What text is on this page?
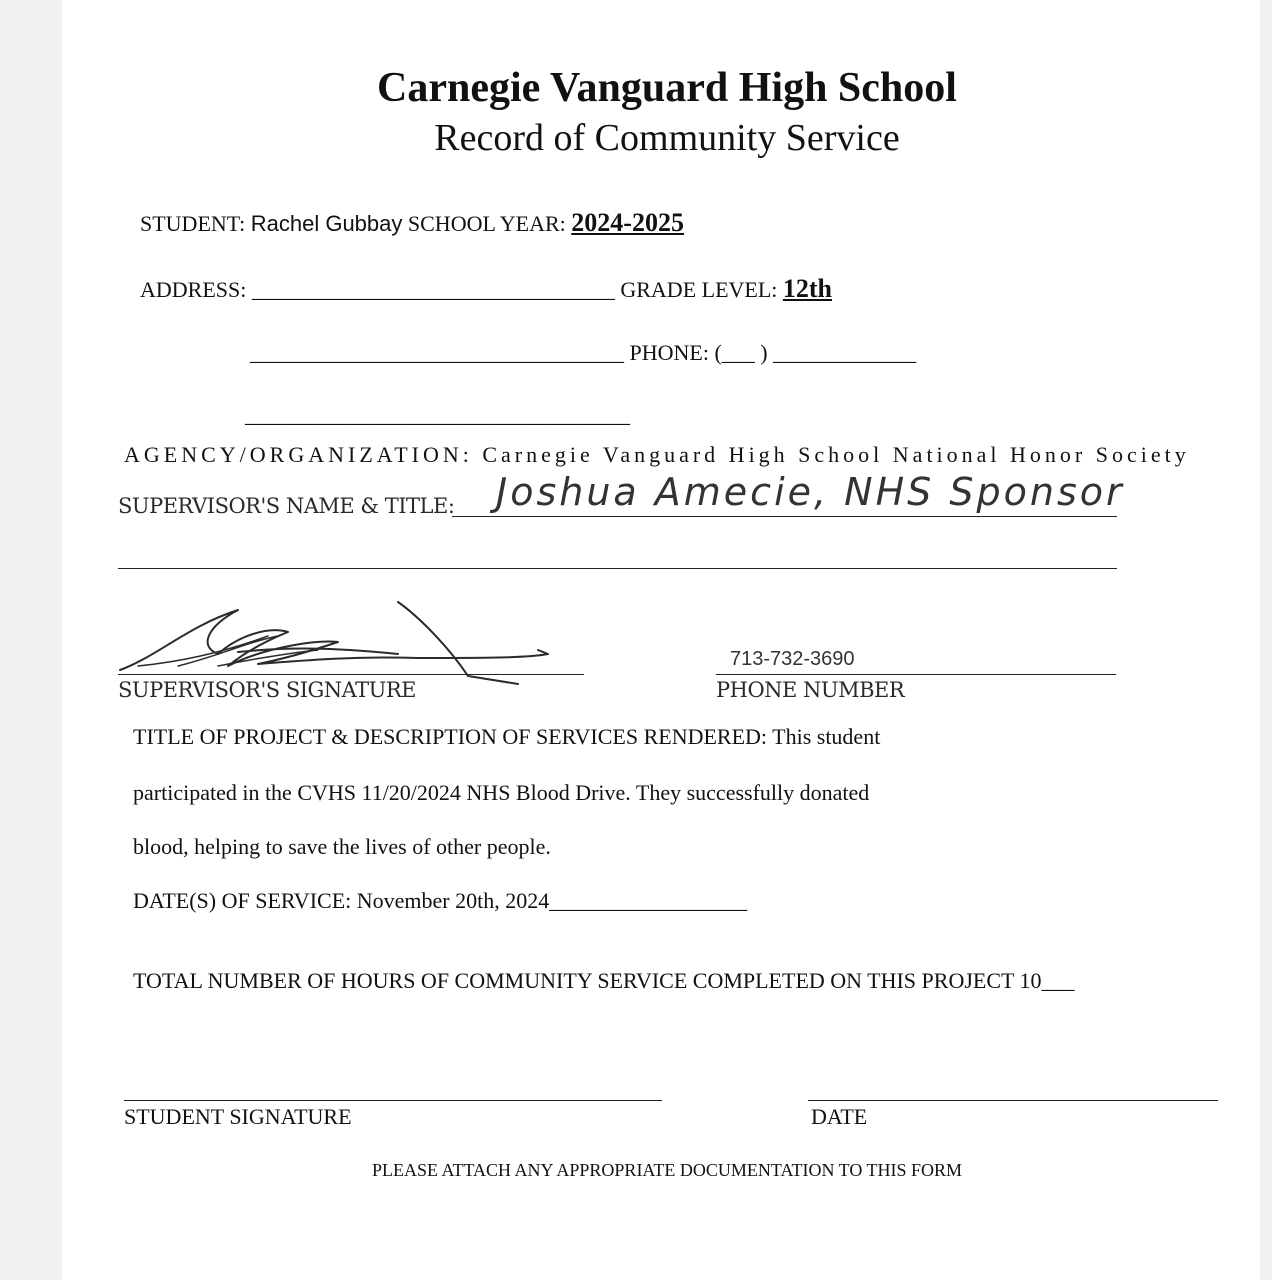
Carnegie Vanguard High School
Record of Community Service
STUDENT: Rachel Gubbay SCHOOL YEAR: 2024-2025
ADDRESS: _________________________________ GRADE LEVEL: 12th
__________________________________ PHONE: (___ ) _____________
___________________________________
AGENCY/ORGANIZATION: Carnegie Vanguard High School National Honor Society
SUPERVISOR'S NAME & TITLE: Joshua Amecie, NHS Sponsor
SUPERVISOR'S SIGNATURE
713-732-3690
PHONE NUMBER
TITLE OF PROJECT & DESCRIPTION OF SERVICES RENDERED: This student
participated in the CVHS 11/20/2024 NHS Blood Drive. They successfully donated
blood, helping to save the lives of other people.
DATE(S) OF SERVICE: November 20th, 2024__________________
TOTAL NUMBER OF HOURS OF COMMUNITY SERVICE COMPLETED ON THIS PROJECT 10___
STUDENT SIGNATURE	DATE
PLEASE ATTACH ANY APPROPRIATE DOCUMENTATION TO THIS FORM
